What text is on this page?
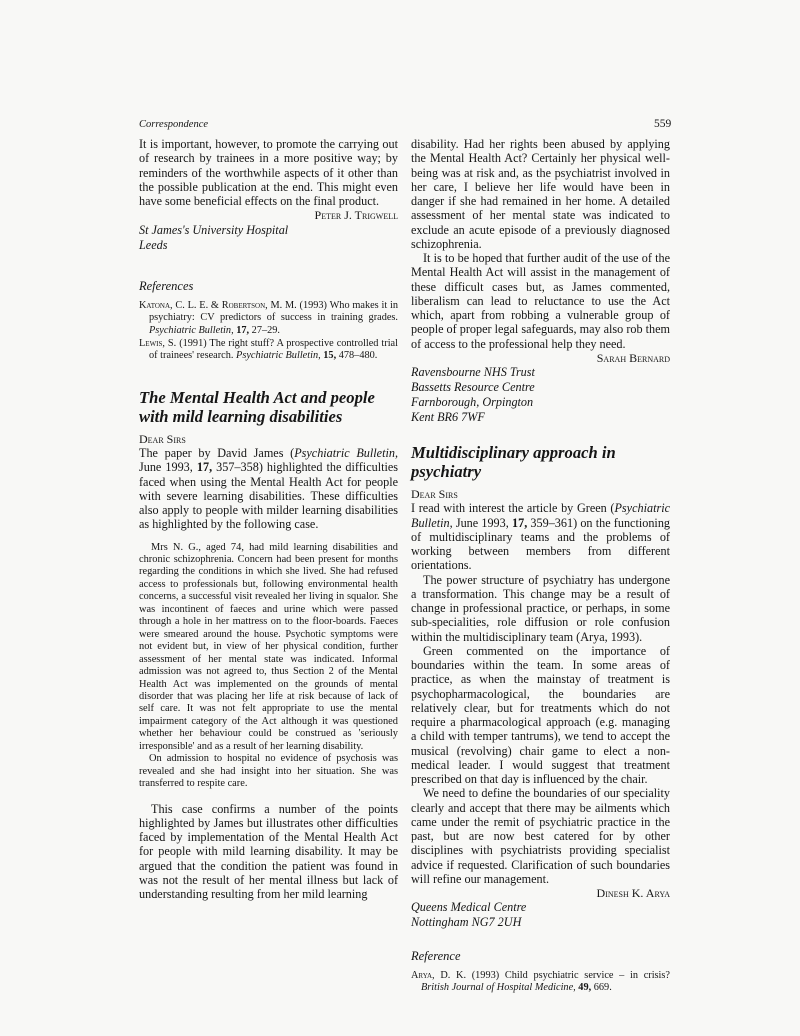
Correspondence	559

It is important, however, to promote the carrying out of research by trainees in a more positive way; by reminders of the worthwhile aspects of it other than the possible publication at the end. This might even have some beneficial effects on the final product.

Peter J. Trigwell
St James's University Hospital
Leeds
References

Katona, C. L. E. & Robertson, M. M. (1993) Who makes it in psychiatry: CV predictors of success in training grades. Psychiatric Bulletin, 17, 27–29.

Lewis, S. (1991) The right stuff? A prospective controlled trial of trainees' research. Psychiatric Bulletin, 15, 478–480.

The Mental Health Act and people with mild learning disabilities
Dear Sirs

The paper by David James (Psychiatric Bulletin, June 1993, 17, 357–358) highlighted the difficulties faced when using the Mental Health Act for people with severe learning disabilities. These difficulties also apply to people with milder learning disabilities as highlighted by the following case.

Mrs N. G., aged 74, had mild learning disabilities and chronic schizophrenia. Concern had been present for months regarding the conditions in which she lived. She had refused access to professionals but, following environmental health concerns, a successful visit revealed her living in squalor. She was incontinent of faeces and urine which were passed through a hole in her mattress on to the floor-boards. Faeces were smeared around the house. Psychotic symptoms were not evident but, in view of her physical condition, further assessment of her mental state was indicated. Informal admission was not agreed to, thus Section 2 of the Mental Health Act was implemented on the grounds of mental disorder that was placing her life at risk because of lack of self care. It was not felt appropriate to use the mental impairment category of the Act although it was questioned whether her behaviour could be construed as 'seriously irresponsible' and as a result of her learning disability.

On admission to hospital no evidence of psychosis was revealed and she had insight into her situation. She was transferred to respite care.

This case confirms a number of the points highlighted by James but illustrates other difficulties faced by implementation of the Mental Health Act for people with mild learning disability. It may be argued that the condition the patient was found in was not the result of her mental illness but lack of understanding resulting from her mild learning

disability. Had her rights been abused by applying the Mental Health Act? Certainly her physical well-being was at risk and, as the psychiatrist involved in her care, I believe her life would have been in danger if she had remained in her home. A detailed assessment of her mental state was indicated to exclude an acute episode of a previously diagnosed schizophrenia.

It is to be hoped that further audit of the use of the Mental Health Act will assist in the management of these difficult cases but, as James commented, liberalism can lead to reluctance to use the Act which, apart from robbing a vulnerable group of people of proper legal safeguards, may also rob them of access to the professional help they need.

Sarah Bernard
Ravensbourne NHS Trust
Bassetts Resource Centre
Farnborough, Orpington
Kent BR6 7WF
Multidisciplinary approach in psychiatry
Dear Sirs

I read with interest the article by Green (Psychiatric Bulletin, June 1993, 17, 359–361) on the functioning of multidisciplinary teams and the problems of working between members from different orientations.

The power structure of psychiatry has undergone a transformation. This change may be a result of change in professional practice, or perhaps, in some sub-specialities, role diffusion or role confusion within the multidisciplinary team (Arya, 1993).

Green commented on the importance of boundaries within the team. In some areas of practice, as when the mainstay of treatment is psychopharmacological, the boundaries are relatively clear, but for treatments which do not require a pharmacological approach (e.g. managing a child with temper tantrums), we tend to accept the musical (revolving) chair game to elect a non-medical leader. I would suggest that treatment prescribed on that day is influenced by the chair.

We need to define the boundaries of our speciality clearly and accept that there may be ailments which came under the remit of psychiatric practice in the past, but are now best catered for by other disciplines with psychiatrists providing specialist advice if requested. Clarification of such boundaries will refine our management.

Dinesh K. Arya
Queens Medical Centre
Nottingham NG7 2UH
Reference

Arya, D. K. (1993) Child psychiatric service – in crisis? British Journal of Hospital Medicine, 49, 669.
